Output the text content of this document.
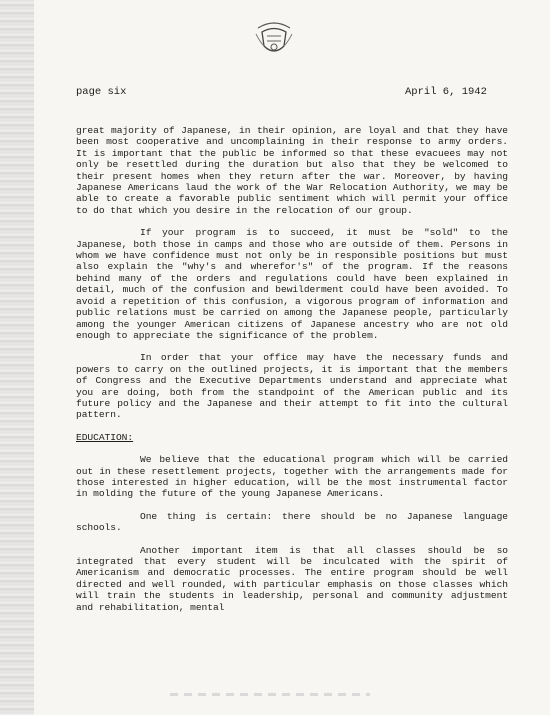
page six	April 6, 1942

great majority of Japanese, in their opinion, are loyal and that they have been most cooperative and uncomplaining in their response to army orders. It is important that the public be informed so that these evacuees may not only be resettled during the duration but also that they be welcomed to their present homes when they return after the war. Moreover, by having Japanese Americans laud the work of the War Relocation Authority, we may be able to create a favorable public sentiment which will permit your office to do that which you desire in the relocation of our group.

If your program is to succeed, it must be "sold" to the Japanese, both those in camps and those who are outside of them. Persons in whom we have confidence must not only be in responsible positions but must also explain the "why's and wherefor's" of the program. If the reasons behind many of the orders and regulations could have been explained in detail, much of the confusion and bewilderment could have been avoided. To avoid a repetition of this confusion, a vigorous program of information and public relations must be carried on among the Japanese people, particularly among the younger American citizens of Japanese ancestry who are not old enough to appreciate the significance of the problem.

In order that your office may have the necessary funds and powers to carry on the outlined projects, it is important that the members of Congress and the Executive Departments understand and appreciate what you are doing, both from the standpoint of the American public and its future policy and the Japanese and their attempt to fit into the cultural pattern.

EDUCATION:

We believe that the educational program which will be carried out in these resettlement projects, together with the arrangements made for those interested in higher education, will be the most instrumental factor in molding the future of the young Japanese Americans.

One thing is certain: there should be no Japanese language schools.

Another important item is that all classes should be so integrated that every student will be inculcated with the spirit of Americanism and democratic processes. The entire program should be well directed and well rounded, with particular emphasis on those classes which will train the students in leadership, personal and community adjustment and rehabilitation, mental
